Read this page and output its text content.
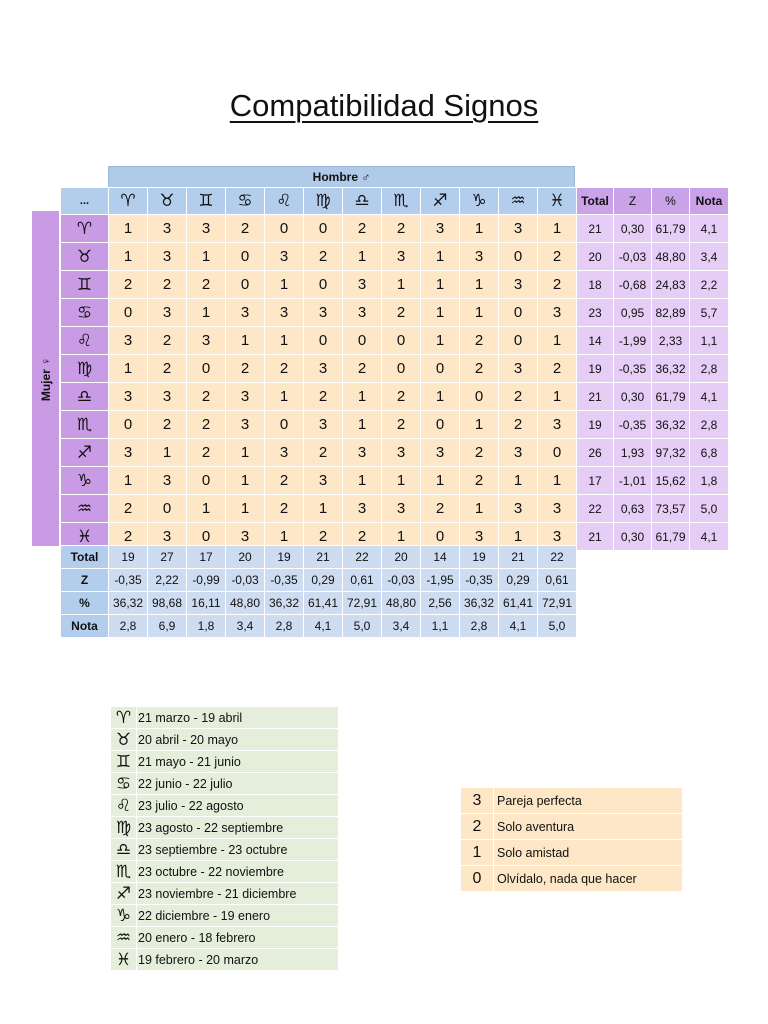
Compatibilidad Signos
Hombre ♂
Mujer ♀
...	♈	♉	♊	♋	♌	♍	♎	♏	♐	♑	♒	♓	Total	Z	%	Nota
♈	1	3	3	2	0	0	2	2	3	1	3	1	21	0,30	61,79	4,1
♉	1	3	1	0	3	2	1	3	1	3	0	2	20	-0,03	48,80	3,4
♊	2	2	2	0	1	0	3	1	1	1	3	2	18	-0,68	24,83	2,2
♋	0	3	1	3	3	3	3	2	1	1	0	3	23	0,95	82,89	5,7
♌	3	2	3	1	1	0	0	0	1	2	0	1	14	-1,99	2,33	1,1
♍	1	2	0	2	2	3	2	0	0	2	3	2	19	-0,35	36,32	2,8
♎	3	3	2	3	1	2	1	2	1	0	2	1	21	0,30	61,79	4,1
♏	0	2	2	3	0	3	1	2	0	1	2	3	19	-0,35	36,32	2,8
♐	3	1	2	1	3	2	3	3	3	2	3	0	26	1,93	97,32	6,8
♑	1	3	0	1	2	3	1	1	1	2	1	1	17	-1,01	15,62	1,8
♒	2	0	1	1	2	1	3	3	2	1	3	3	22	0,63	73,57	5,0
♓	2	3	0	3	1	2	2	1	0	3	1	3	21	0,30	61,79	4,1
Total	19	27	17	20	19	21	22	20	14	19	21	22
Z	-0,35	2,22	-0,99	-0,03	-0,35	0,29	0,61	-0,03	-1,95	-0,35	0,29	0,61
%	36,32	98,68	16,11	48,80	36,32	61,41	72,91	48,80	2,56	36,32	61,41	72,91
Nota	2,8	6,9	1,8	3,4	2,8	4,1	5,0	3,4	1,1	2,8	4,1	5,0
♈	21 marzo - 19 abril
♉	20 abril - 20 mayo
♊	21 mayo - 21 junio
♋	22 junio - 22 julio
♌	23 julio - 22 agosto
♍	23 agosto - 22 septiembre
♎	23 septiembre - 23 octubre
♏	23 octubre - 22 noviembre
♐	23 noviembre - 21 diciembre
♑	22 diciembre - 19 enero
♒	20 enero - 18 febrero
♓	19 febrero - 20 marzo
3	Pareja perfecta
2	Solo aventura
1	Solo amistad
0	Olvídalo, nada que hacer
